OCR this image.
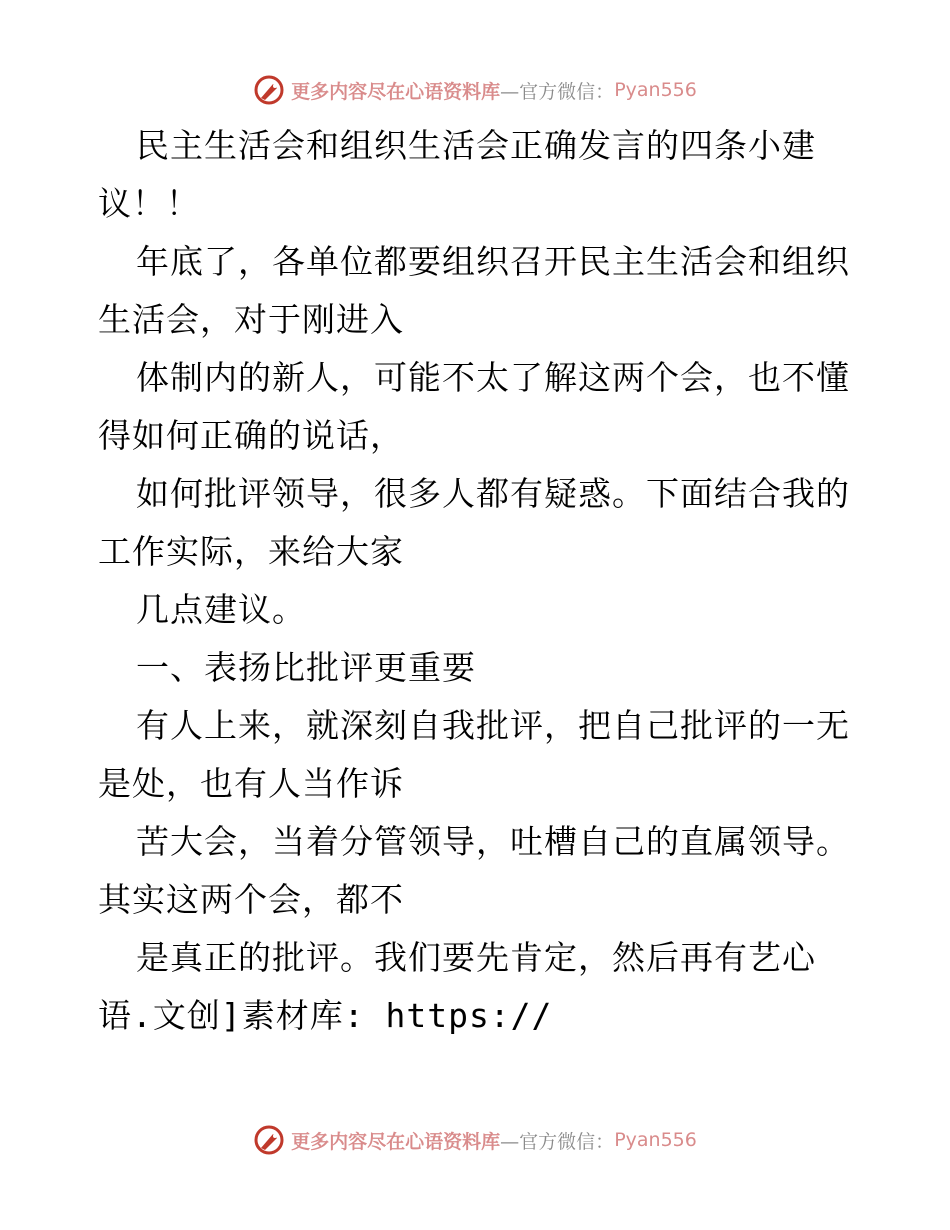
更多内容尽在心语资料库 —官方微信： Pyan556
民主生活会和组织生活会正确发言的四条小建
议！！
年底了，各单位都要组织召开民主生活会和组织
生活会，对于刚进入
体制内的新人，可能不太了解这两个会，也不懂
得如何正确的说话，
如何批评领导，很多人都有疑惑。下面结合我的
工作实际，来给大家
几点建议。
一、表扬比批评更重要
有人上来，就深刻自我批评，把自己批评的一无
是处，也有人当作诉
苦大会，当着分管领导，吐槽自己的直属领导。
其实这两个会，都不
是真正的批评。我们要先肯定，然后再有艺心
语.文创]素材库: https://
更多内容尽在心语资料库 —官方微信： Pyan556
